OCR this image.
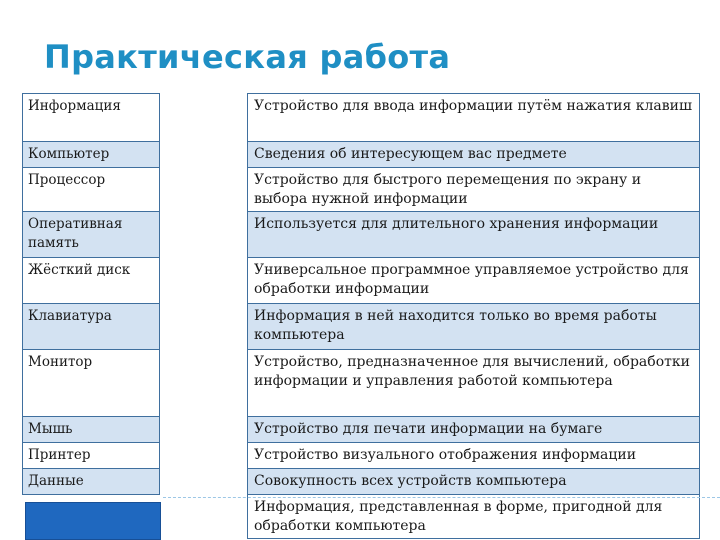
Практическая работа
Информация
Компьютер
Процессор
Оперативная память
Жёсткий диск
Клавиатура
Монитор
Мышь
Принтер
Данные
Устройство для ввода информации путём нажатия клавиш
Сведения об интересующем вас предмете
Устройство для быстрого перемещения по экрану и выбора нужной информации
Используется для длительного хранения информации
Универсальное программное управляемое устройство для обработки информации
Информация в ней находится только во время работы компьютера
Устройство, предназначенное для вычислений, обработки информации и управления работой компьютера
Устройство для печати информации на бумаге
Устройство визуального отображения информации
Совокупность всех устройств компьютера
Информация, представленная в форме, пригодной для обработки компьютера
